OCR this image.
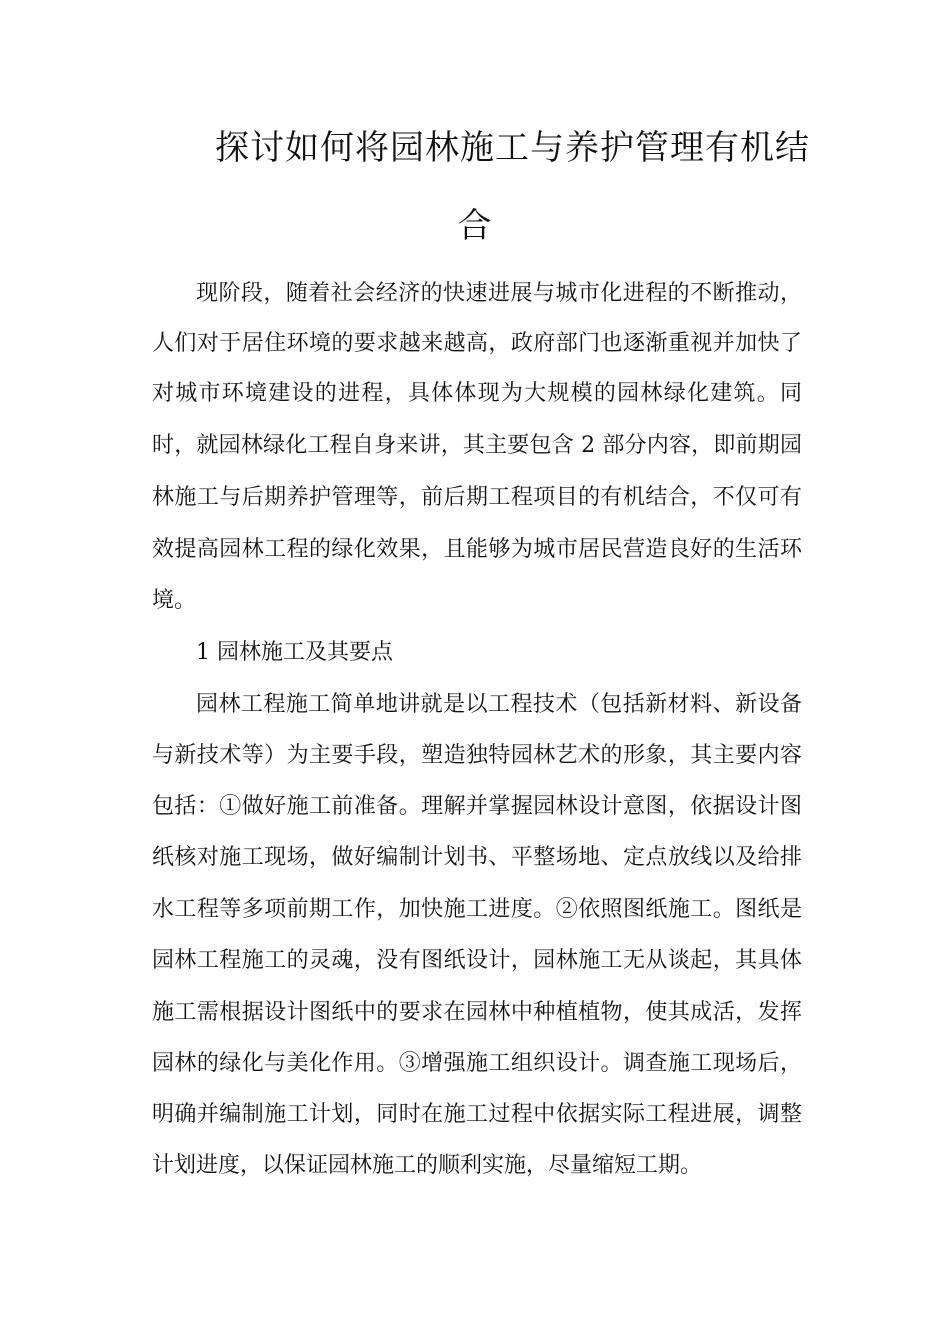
探讨如何将园林施工与养护管理有机结
合
现阶段，随着社会经济的快速进展与城市化进程的不断推动，
人们对于居住环境的要求越来越高，政府部门也逐渐重视并加快了
对城市环境建设的进程，具体体现为大规模的园林绿化建筑。同
时，就园林绿化工程自身来讲，其主要包含 2 部分内容，即前期园
林施工与后期养护管理等，前后期工程项目的有机结合，不仅可有
效提高园林工程的绿化效果，且能够为城市居民营造良好的生活环
境。
1 园林施工及其要点
园林工程施工简单地讲就是以工程技术（包括新材料、新设备
与新技术等）为主要手段，塑造独特园林艺术的形象，其主要内容
包括：①做好施工前准备。理解并掌握园林设计意图，依据设计图
纸核对施工现场，做好编制计划书、平整场地、定点放线以及给排
水工程等多项前期工作，加快施工进度。②依照图纸施工。图纸是
园林工程施工的灵魂，没有图纸设计，园林施工无从谈起，其具体
施工需根据设计图纸中的要求在园林中种植植物，使其成活，发挥
园林的绿化与美化作用。③增强施工组织设计。调查施工现场后，
明确并编制施工计划，同时在施工过程中依据实际工程进展，调整
计划进度，以保证园林施工的顺利实施，尽量缩短工期。
